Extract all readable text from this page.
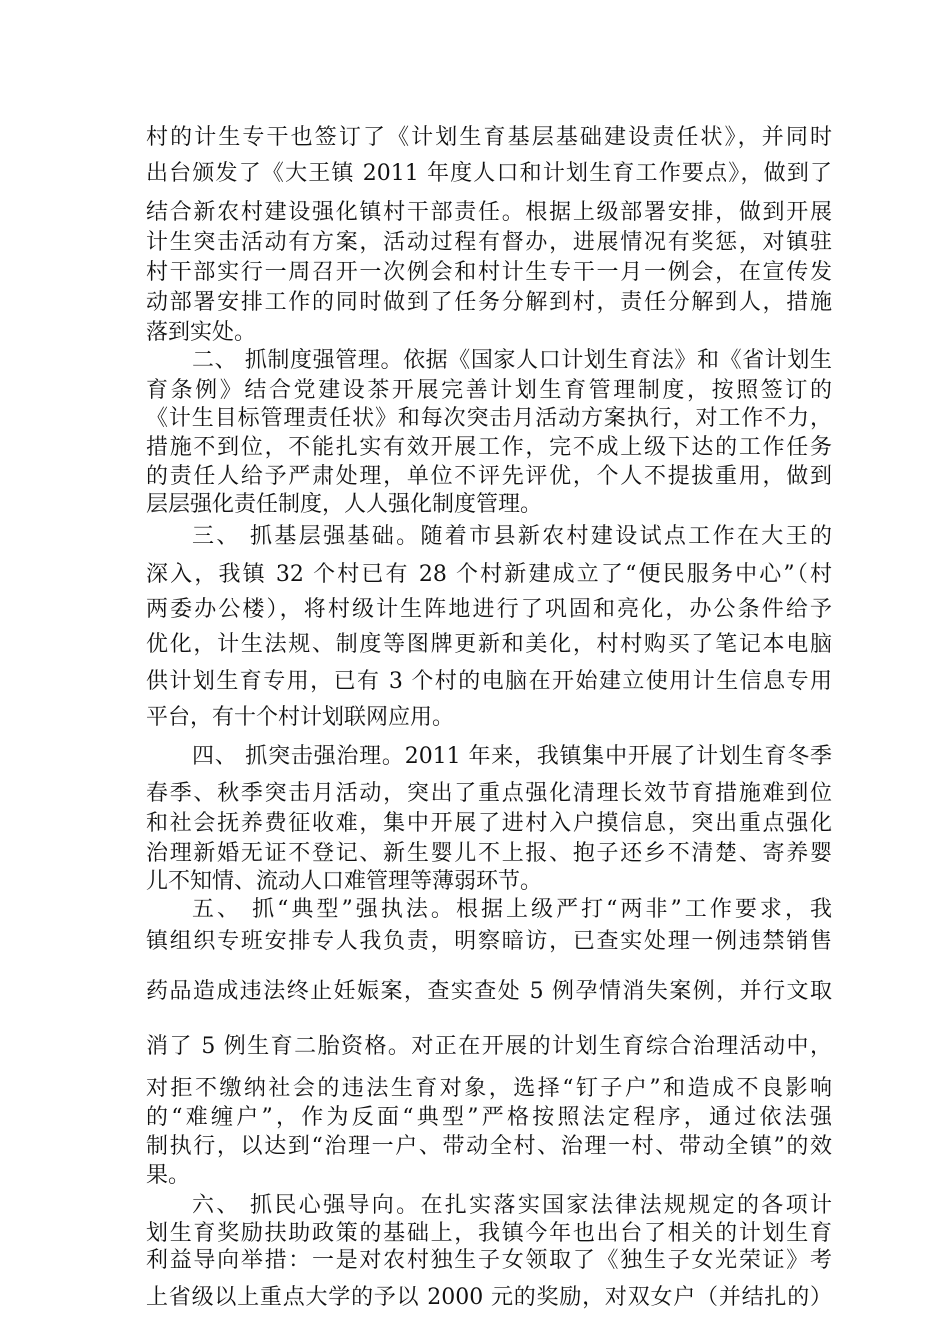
村的计生专干也签订了《计划生育基层基础建设责任状》，并同时
出台颁发了《大王镇 2011 年度人口和计划生育工作要点》，做到了
结合新农村建设强化镇村干部责任。根据上级部署安排，做到开展
计生突击活动有方案，活动过程有督办，进展情况有奖惩，对镇驻
村干部实行一周召开一次例会和村计生专干一月一例会，在宣传发
动部署安排工作的同时做到了任务分解到村，责任分解到人，措施
落到实处。
二、 抓制度强管理。依据《国家人口计划生育法》和《省计划生
育条例》结合党建设茶开展完善计划生育管理制度，按照签订的
《计生目标管理责任状》和每次突击月活动方案执行，对工作不力，
措施不到位，不能扎实有效开展工作，完不成上级下达的工作任务
的责任人给予严肃处理，单位不评先评优，个人不提拔重用，做到
层层强化责任制度，人人强化制度管理。
三、 抓基层强基础。随着市县新农村建设试点工作在大王的
深入，我镇 32 个村已有 28 个村新建成立了“便民服务中心”（村
两委办公楼），将村级计生阵地进行了巩固和亮化，办公条件给予
优化，计生法规、制度等图牌更新和美化，村村购买了笔记本电脑
供计划生育专用，已有 3 个村的电脑在开始建立使用计生信息专用
平台，有十个村计划联网应用。
四、 抓突击强治理。2011 年来，我镇集中开展了计划生育冬季
春季、秋季突击月活动，突出了重点强化清理长效节育措施难到位
和社会抚养费征收难，集中开展了进村入户摸信息，突出重点强化
治理新婚无证不登记、新生婴儿不上报、抱子还乡不清楚、寄养婴
儿不知情、流动人口难管理等薄弱环节。
五、 抓“典型”强执法。根据上级严打“两非”工作要求，我
镇组织专班安排专人我负责，明察暗访，已查实处理一例违禁销售
药品造成违法终止妊娠案，查实查处 5 例孕情消失案例，并行文取
消了 5 例生育二胎资格。对正在开展的计划生育综合治理活动中，
对拒不缴纳社会的违法生育对象，选择“钉子户”和造成不良影响
的“难缠户”，作为反面“典型”严格按照法定程序，通过依法强
制执行，以达到“治理一户、带动全村、治理一村、带动全镇”的效
果。
六、 抓民心强导向。在扎实落实国家法律法规规定的各项计
划生育奖励扶助政策的基础上，我镇今年也出台了相关的计划生育
利益导向举措：一是对农村独生子女领取了《独生子女光荣证》考
上省级以上重点大学的予以 2000 元的奖励，对双女户（并结扎的）
